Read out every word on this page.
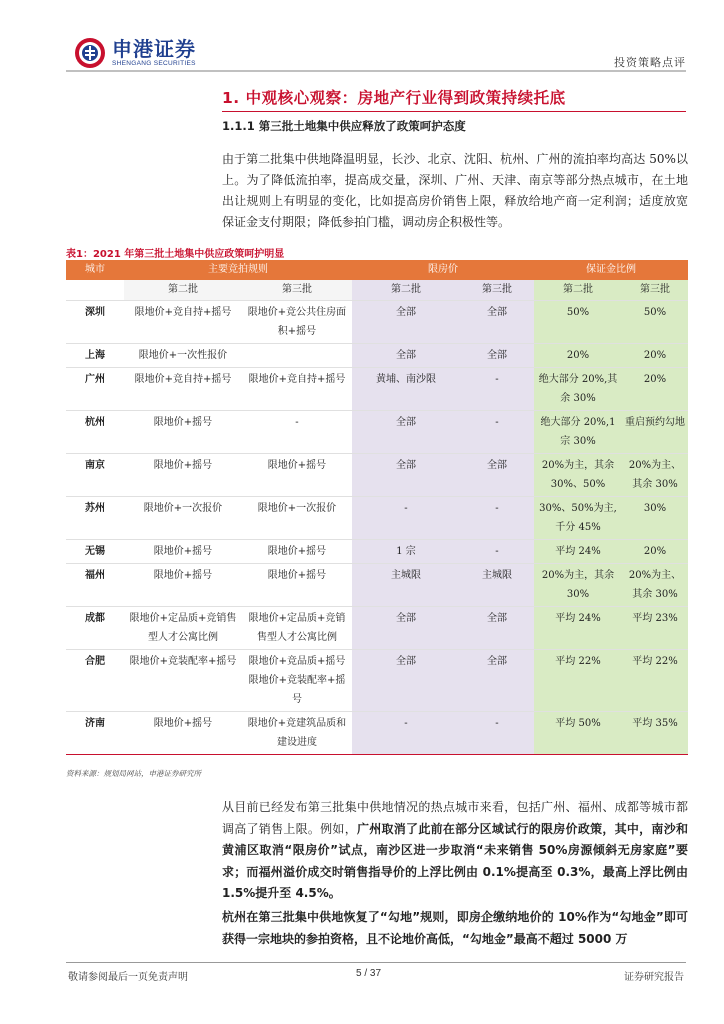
申港证券
SHENGANG SECURITIES	投资策略点评
1. 中观核心观察：房地产行业得到政策持续托底
1.1.1 第三批土地集中供应释放了政策呵护态度
由于第二批集中供地降温明显，长沙、北京、沈阳、杭州、广州的流拍率均高达 50%以上。为了降低流拍率，提高成交量，深圳、广州、天津、南京等部分热点城市，在土地出让规则上有明显的变化，比如提高房价销售上限，释放给地产商一定利润；适度放宽保证金支付期限；降低参拍门槛，调动房企积极性等。
表1：2021 年第三批土地集中供应政策呵护明显
城市	主要竞拍规则		限房价		保证金比例	
	第二批	第三批	第二批	第三批	第二批	第三批
深圳	限地价+竞自持+摇号	限地价+竞公共住房面积+摇号	全部	全部	50%	50%
上海	限地价+一次性报价		全部	全部	20%	20%
广州	限地价+竞自持+摇号	限地价+竞自持+摇号	黄埔、南沙限	-	绝大部分 20%,其余 30%	20%
杭州	限地价+摇号	-	全部	-	绝大部分 20%,1 宗 30%	重启预约勾地
南京	限地价+摇号	限地价+摇号	全部	全部	20%为主，其余 30%、50%	20%为主、其余 30%
苏州	限地价+一次报价	限地价+一次报价	-	-	30%、50%为主,千分 45%	30%
无锡	限地价+摇号	限地价+摇号	1 宗	-	平均 24%	20%
福州	限地价+摇号	限地价+摇号	主城限	主城限	20%为主，其余 30%	20%为主、其余 30%
成都	限地价+定品质+竞销售型人才公寓比例	限地价+定品质+竞销售型人才公寓比例	全部	全部	平均 24%	平均 23%
合肥	限地价+竞装配率+摇号	限地价+竞品质+摇号 限地价+竞装配率+摇号	全部	全部	平均 22%	平均 22%
济南	限地价+摇号	限地价+竞建筑品质和建设进度	-	-	平均 50%	平均 35%
资料来源：规划局网站，申港证券研究所
从目前已经发布第三批集中供地情况的热点城市来看，包括广州、福州、成都等城市都调高了销售上限。例如，广州取消了此前在部分区域试行的限房价政策，其中，南沙和黄浦区取消“限房价”试点，南沙区进一步取消“未来销售 50%房源倾斜无房家庭”要求；而福州溢价成交时销售指导价的上浮比例由 0.1%提高至 0.3%，最高上浮比例由 1.5%提升至 4.5%。
杭州在第三批集中供地恢复了“勾地”规则，即房企缴纳地价的 10%作为“勾地金”即可获得一宗地块的参拍资格，且不论地价高低，“勾地金”最高不超过 5000 万
敬请参阅最后一页免责声明	5 / 37	证券研究报告
